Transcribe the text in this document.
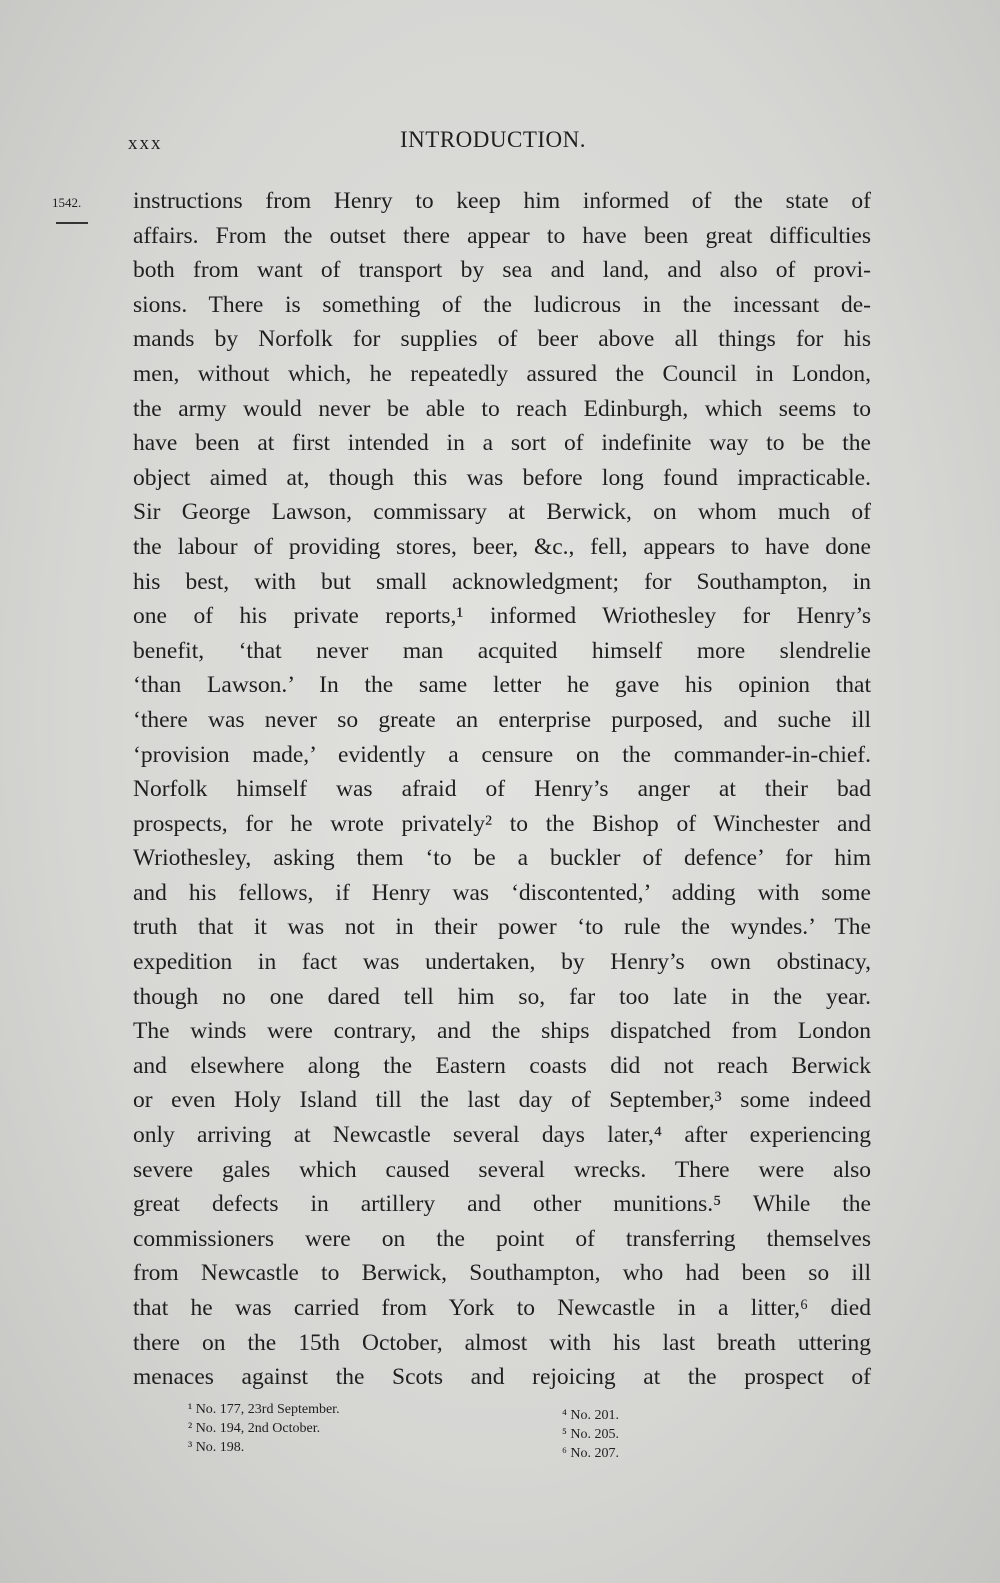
xxx	INTRODUCTION.
1542. instructions from Henry to keep him informed of the state of
affairs. From the outset there appear to have been great difficulties
both from want of transport by sea and land, and also of provi-
sions. There is something of the ludicrous in the incessant de-
mands by Norfolk for supplies of beer above all things for his
men, without which, he repeatedly assured the Council in London,
the army would never be able to reach Edinburgh, which seems to
have been at first intended in a sort of indefinite way to be the
object aimed at, though this was before long found impracticable.
Sir George Lawson, commissary at Berwick, on whom much of
the labour of providing stores, beer, &c., fell, appears to have done
his best, with but small acknowledgment; for Southampton, in
one of his private reports,¹ informed Wriothesley for Henry’s
benefit, ‘that never man acquited himself more slendrelie
‘than Lawson.’ In the same letter he gave his opinion that
‘there was never so greate an enterprise purposed, and suche ill
‘provision made,’ evidently a censure on the commander-in-chief.
Norfolk himself was afraid of Henry’s anger at their bad
prospects, for he wrote privately² to the Bishop of Winchester and
Wriothesley, asking them ‘to be a buckler of defence’ for him
and his fellows, if Henry was ‘discontented,’ adding with some
truth that it was not in their power ‘to rule the wyndes.’ The
expedition in fact was undertaken, by Henry’s own obstinacy,
though no one dared tell him so, far too late in the year.
The winds were contrary, and the ships dispatched from London
and elsewhere along the Eastern coasts did not reach Berwick
or even Holy Island till the last day of September,³ some indeed
only arriving at Newcastle several days later,⁴ after experiencing
severe gales which caused several wrecks. There were also
great defects in artillery and other munitions.⁵ While the
commissioners were on the point of transferring themselves
from Newcastle to Berwick, Southampton, who had been so ill
that he was carried from York to Newcastle in a litter,⁶ died
there on the 15th October, almost with his last breath uttering
menaces against the Scots and rejoicing at the prospect of
¹ No. 177, 23rd September.
² No. 194, 2nd October.
³ No. 198.
⁴ No. 201.
⁵ No. 205.
⁶ No. 207.
